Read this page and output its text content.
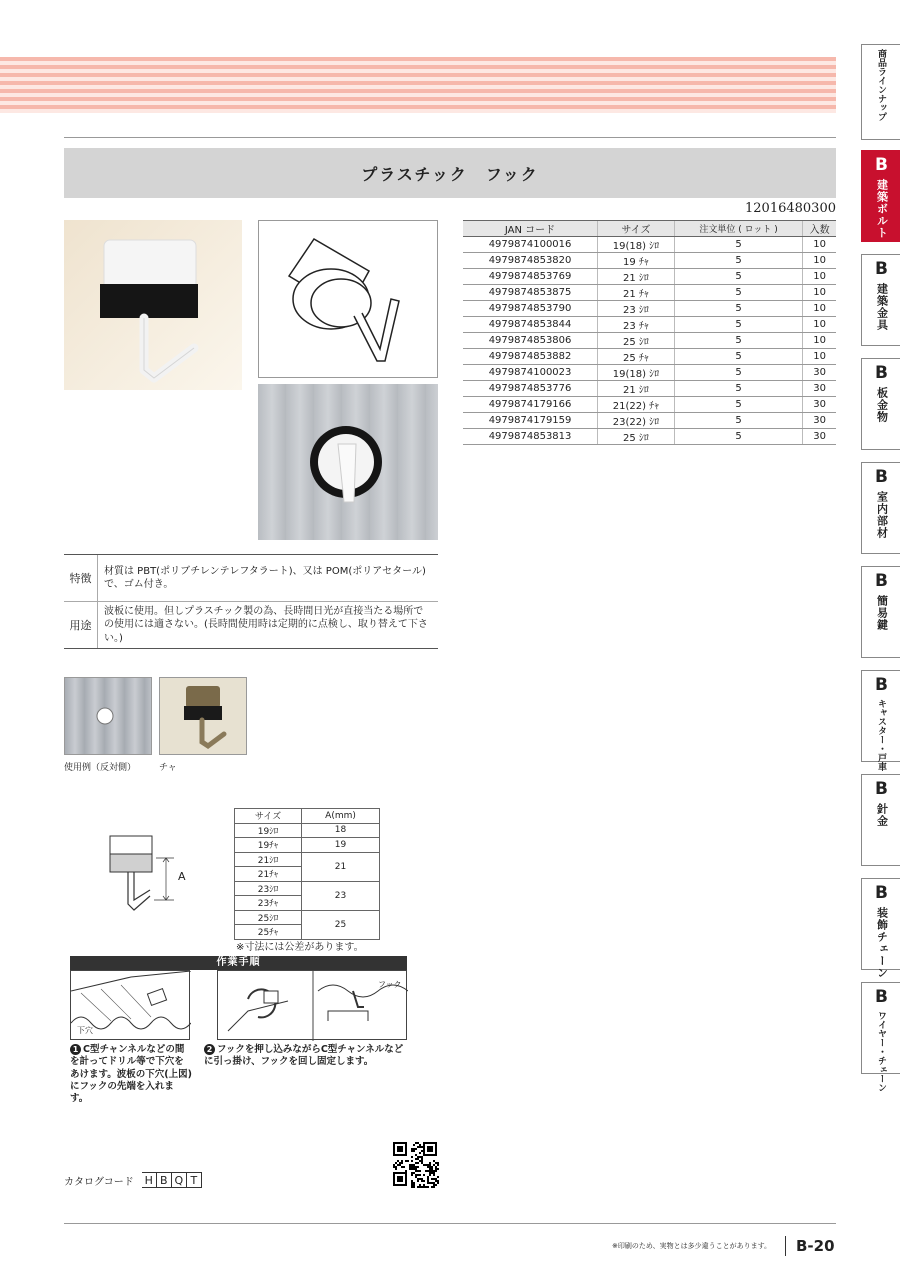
プラスチック　フック
12016480300
JAN コード	サイズ	注文単位 ( ロット )	入数
4979874100016	19(18) ｼﾛ	5	10
4979874853820	19 ﾁｬ	5	10
4979874853769	21 ｼﾛ	5	10
4979874853875	21 ﾁｬ	5	10
4979874853790	23 ｼﾛ	5	10
4979874853844	23 ﾁｬ	5	10
4979874853806	25 ｼﾛ	5	10
4979874853882	25 ﾁｬ	5	10
4979874100023	19(18) ｼﾛ	5	30
4979874853776	21 ｼﾛ	5	30
4979874179166	21(22) ﾁｬ	5	30
4979874179159	23(22) ｼﾛ	5	30
4979874853813	25 ｼﾛ	5	30
特徴
材質は PBT(ポリブチレンテレフタラート)、又は POM(ポリアセタール)で、ゴム付き。
用途
波板に使用。但しプラスチック製の為、長時間日光が直接当たる場所での使用には適さない。(長時間使用時は定期的に点検し、取り替えて下さい。)
使用例（反対側）	チャ
A
サイズ	A(mm)
19ｼﾛ	18
19ﾁｬ	19
21ｼﾛ	21
21ﾁｬ	
23ｼﾛ	23
23ﾁｬ	
25ｼﾛ	25
25ﾁｬ	
※寸法には公差があります。
作業手順
下穴
フック
1 C型チャンネルなどの間を計ってドリル等で下穴をあけます。波板の下穴(上図)にフックの先端を入れます。
2 フックを押し込みながらC型チャンネルなどに引っ掛け、フックを回し固定します。
カタログコード H B Q T
※印刷のため、実物とは多少違うことがあります。	B-20
商品ラインナップ
B
建築ボルト
B
建築金具
B
板金物
B
室内部材
B
簡易鍵
B
キャスター・戸車
B
針金
B
装飾チェーン
B
ワイヤー・チェーン
